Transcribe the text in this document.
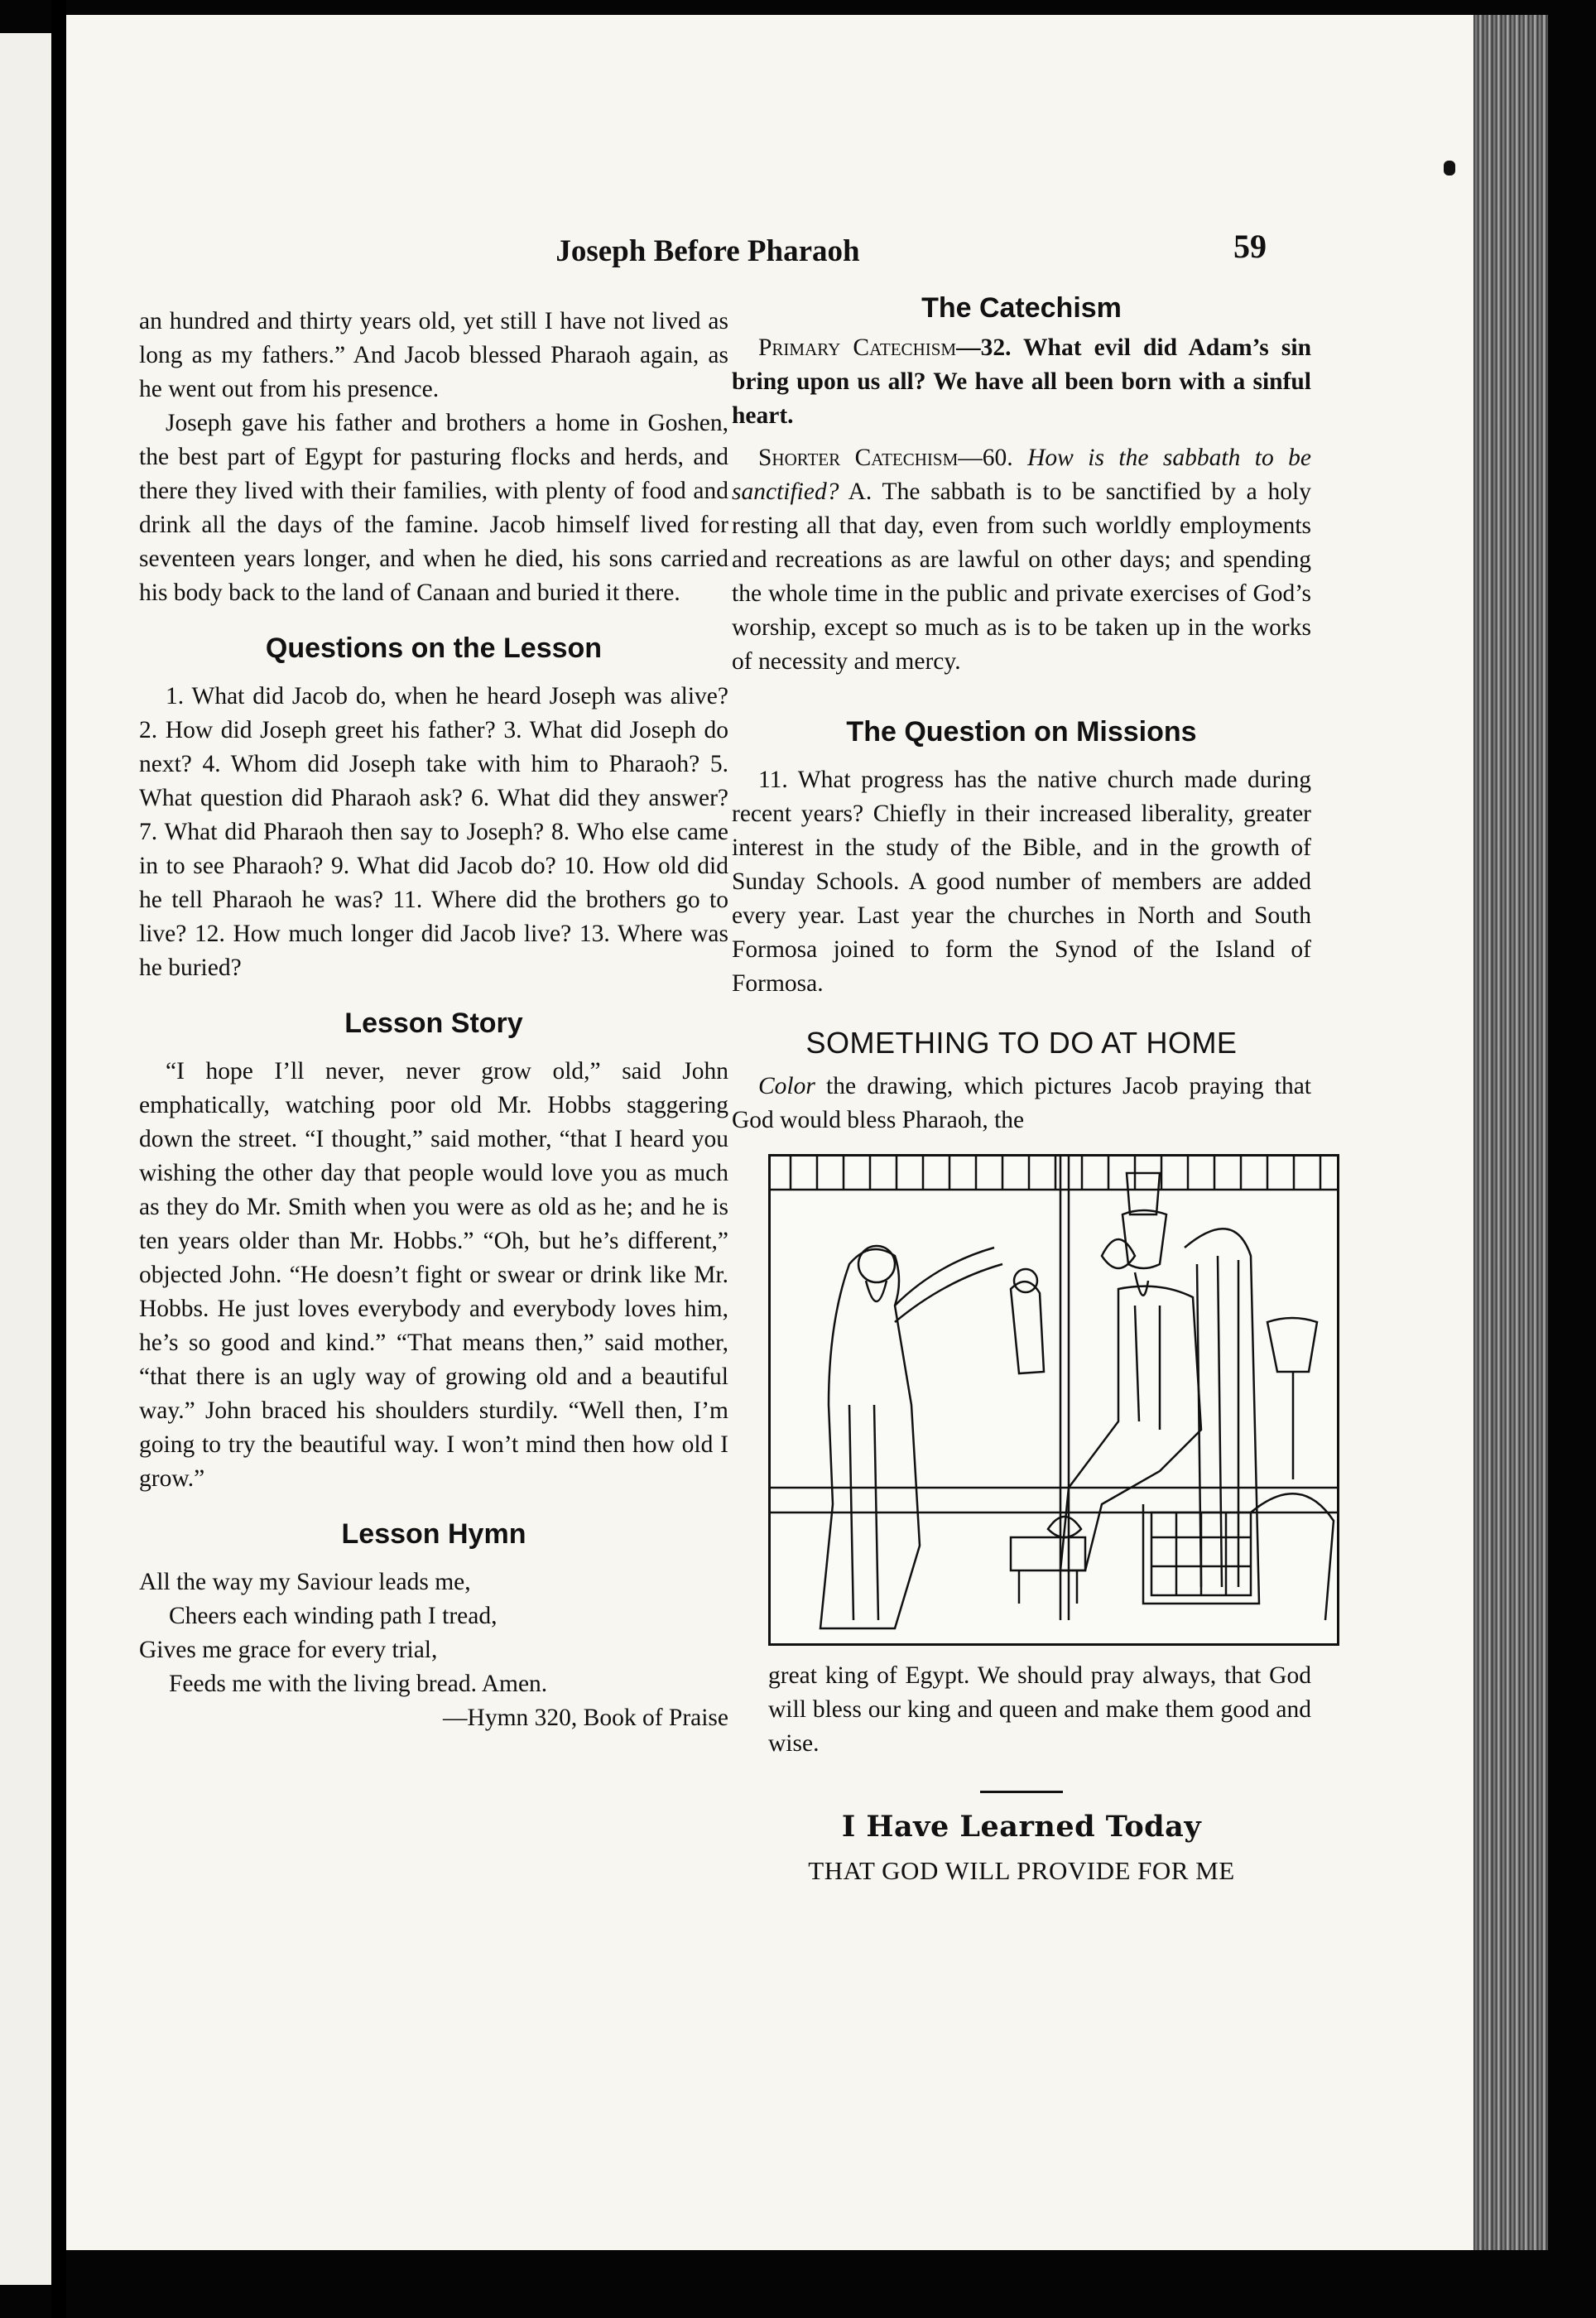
Joseph Before Pharaoh	59

an hundred and thirty years old, yet still I have not lived as long as my fathers.” And Jacob blessed Pharaoh again, as he went out from his presence.

Joseph gave his father and brothers a home in Goshen, the best part of Egypt for pasturing flocks and herds, and there they lived with their families, with plenty of food and drink all the days of the famine. Jacob himself lived for seventeen years longer, and when he died, his sons carried his body back to the land of Canaan and buried it there.

Questions on the Lesson

1. What did Jacob do, when he heard Joseph was alive? 2. How did Joseph greet his father? 3. What did Joseph do next? 4. Whom did Joseph take with him to Pharaoh? 5. What question did Pharaoh ask? 6. What did they answer? 7. What did Pharaoh then say to Joseph? 8. Who else came in to see Pharaoh? 9. What did Jacob do? 10. How old did he tell Pharaoh he was? 11. Where did the brothers go to live? 12. How much longer did Jacob live? 13. Where was he buried?

Lesson Story

“I hope I’ll never, never grow old,” said John emphatically, watching poor old Mr. Hobbs staggering down the street. “I thought,” said mother, “that I heard you wishing the other day that people would love you as much as they do Mr. Smith when you were as old as he; and he is ten years older than Mr. Hobbs.” “Oh, but he’s different,” objected John. “He doesn’t fight or swear or drink like Mr. Hobbs. He just loves everybody and everybody loves him, he’s so good and kind.” “That means then,” said mother, “that there is an ugly way of growing old and a beautiful way.” John braced his shoulders sturdily. “Well then, I’m going to try the beautiful way. I won’t mind then how old I grow.”

Lesson Hymn

All the way my Saviour leads me,

Cheers each winding path I tread,

Gives me grace for every trial,

Feeds me with the living bread. Amen.

—Hymn 320, Book of Praise

The Catechism

Primary Catechism—32. What evil did Adam’s sin bring upon us all? We have all been born with a sinful heart.

Shorter Catechism—60. How is the sabbath to be sanctified? A. The sabbath is to be sanctified by a holy resting all that day, even from such worldly employments and recreations as are lawful on other days; and spending the whole time in the public and private exercises of God’s worship, except so much as is to be taken up in the works of necessity and mercy.

The Question on Missions

11. What progress has the native church made during recent years? Chiefly in their increased liberality, greater interest in the study of the Bible, and in the growth of Sunday Schools. A good number of members are added every year. Last year the churches in North and South Formosa joined to form the Synod of the Island of Formosa.

SOMETHING TO DO AT HOME

Color the drawing, which pictures Jacob praying that God would bless Pharaoh, the

great king of Egypt. We should pray always, that God will bless our king and queen and make them good and wise.

I Have Learned Today
THAT GOD WILL PROVIDE FOR ME
